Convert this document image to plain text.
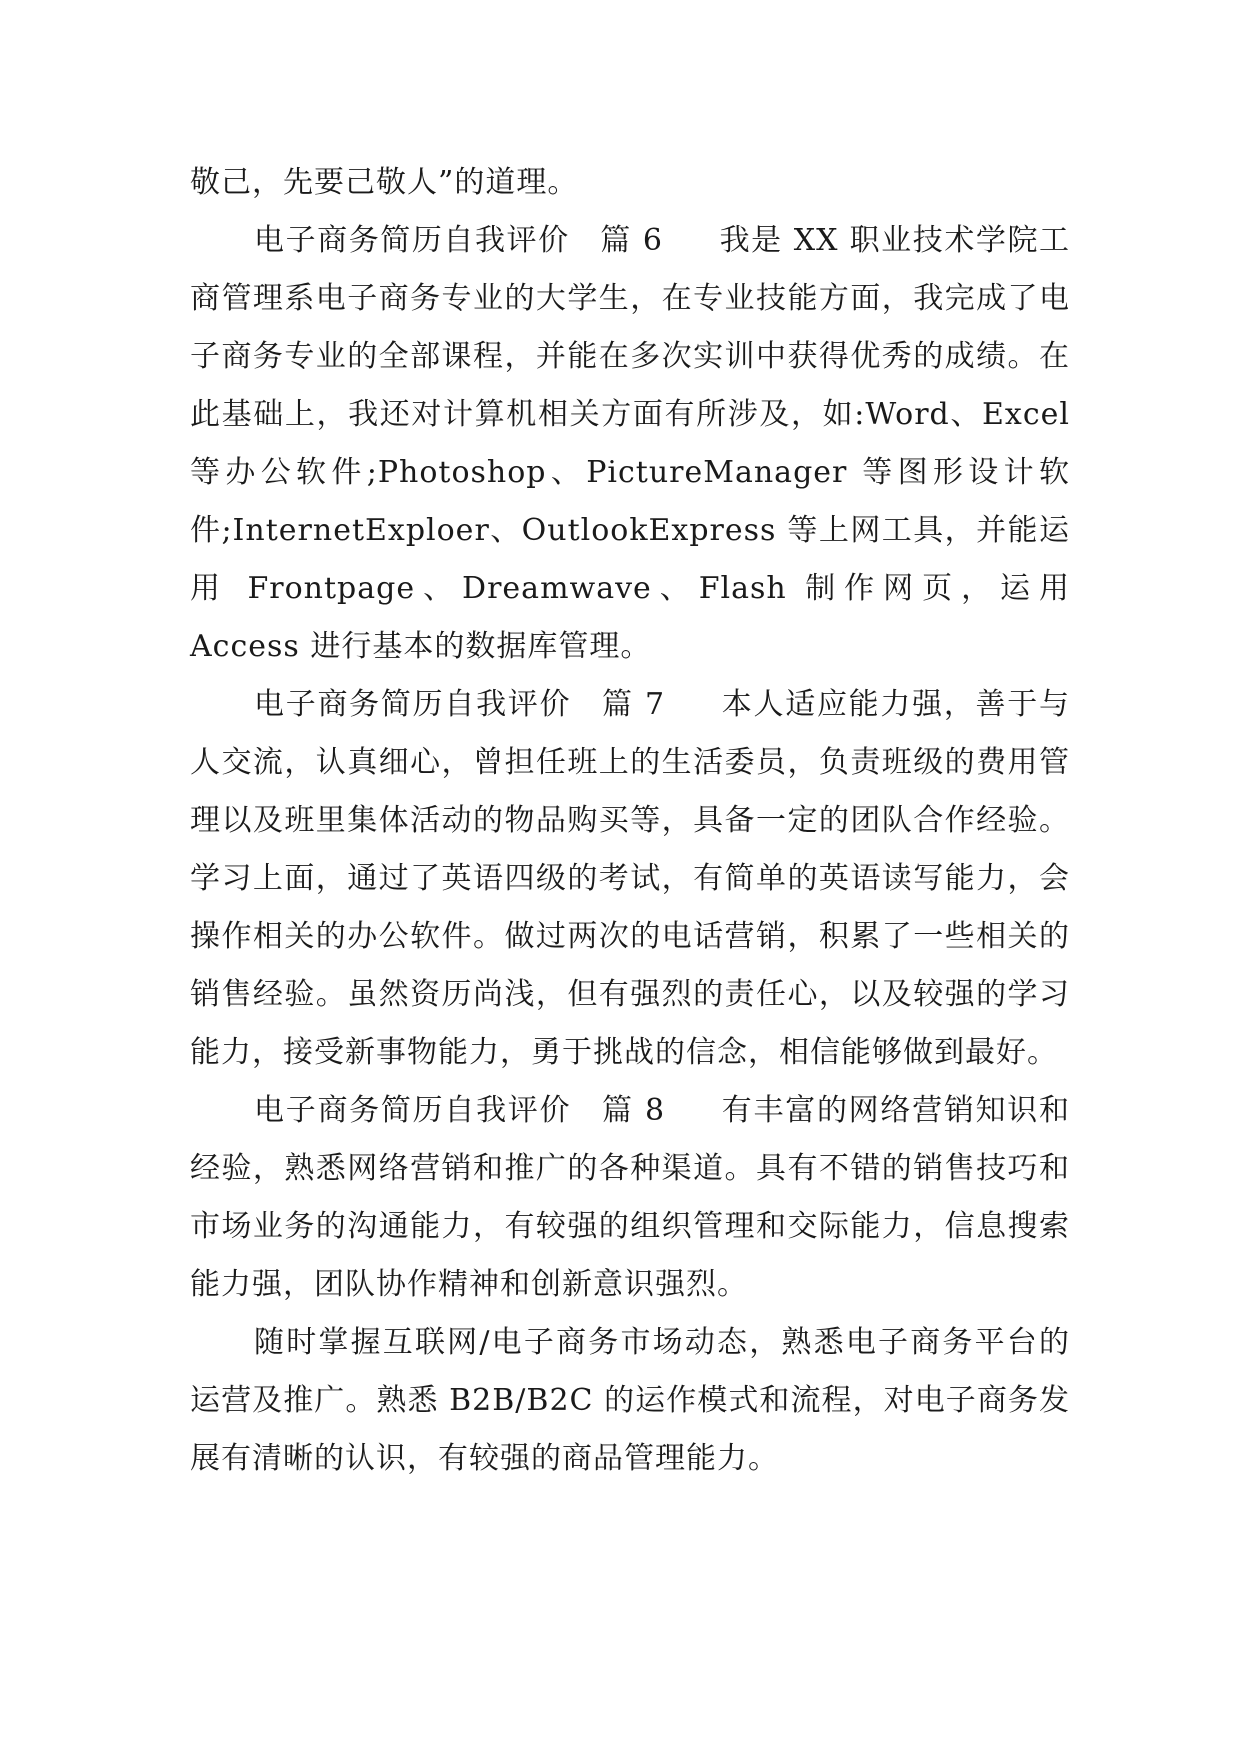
敬己，先要己敬人”的道理。

电子商务简历自我评价 篇 6 我是 XX 职业技术学院工商管理系电子商务专业的大学生，在专业技能方面，我完成了电子商务专业的全部课程，并能在多次实训中获得优秀的成绩。在此基础上，我还对计算机相关方面有所涉及，如:Word、Excel 等办公软件;Photoshop、PictureManager 等图形设计软件;InternetExploer、OutlookExpress 等上网工具，并能运用 Frontpage、Dreamwave、Flash 制作网页，运用 Access 进行基本的数据库管理。

电子商务简历自我评价 篇 7 本人适应能力强，善于与人交流，认真细心，曾担任班上的生活委员，负责班级的费用管理以及班里集体活动的物品购买等，具备一定的团队合作经验。学习上面，通过了英语四级的考试，有简单的英语读写能力，会操作相关的办公软件。做过两次的电话营销，积累了一些相关的销售经验。虽然资历尚浅，但有强烈的责任心，以及较强的学习能力，接受新事物能力，勇于挑战的信念，相信能够做到最好。

电子商务简历自我评价 篇 8 有丰富的网络营销知识和经验，熟悉网络营销和推广的各种渠道。具有不错的销售技巧和市场业务的沟通能力，有较强的组织管理和交际能力，信息搜索能力强，团队协作精神和创新意识强烈。

随时掌握互联网/电子商务市场动态，熟悉电子商务平台的运营及推广。熟悉 B2B/B2C 的运作模式和流程，对电子商务发展有清晰的认识，有较强的商品管理能力。
